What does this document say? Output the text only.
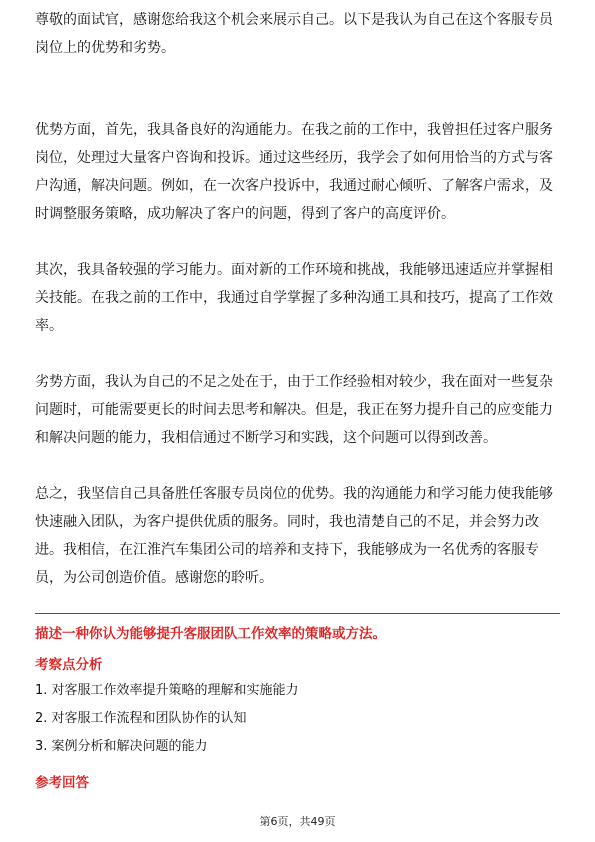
尊敬的面试官，感谢您给我这个机会来展示自己。以下是我认为自己在这个客服专员岗位上的优势和劣势。

优势方面，首先，我具备良好的沟通能力。在我之前的工作中，我曾担任过客户服务岗位，处理过大量客户咨询和投诉。通过这些经历，我学会了如何用恰当的方式与客户沟通，解决问题。例如，在一次客户投诉中，我通过耐心倾听、了解客户需求，及时调整服务策略，成功解决了客户的问题，得到了客户的高度评价。

其次，我具备较强的学习能力。面对新的工作环境和挑战，我能够迅速适应并掌握相关技能。在我之前的工作中，我通过自学掌握了多种沟通工具和技巧，提高了工作效率。

劣势方面，我认为自己的不足之处在于，由于工作经验相对较少，我在面对一些复杂问题时，可能需要更长的时间去思考和解决。但是，我正在努力提升自己的应变能力和解决问题的能力，我相信通过不断学习和实践，这个问题可以得到改善。

总之，我坚信自己具备胜任客服专员岗位的优势。我的沟通能力和学习能力使我能够快速融入团队，为客户提供优质的服务。同时，我也清楚自己的不足，并会努力改进。我相信，在江淮汽车集团公司的培养和支持下，我能够成为一名优秀的客服专员，为公司创造价值。感谢您的聆听。

描述一种你认为能够提升客服团队工作效率的策略或方法。

考察点分析

1. 对客服工作效率提升策略的理解和实施能力

2. 对客服工作流程和团队协作的认知

3. 案例分析和解决问题的能力

参考回答

第6页，共49页
